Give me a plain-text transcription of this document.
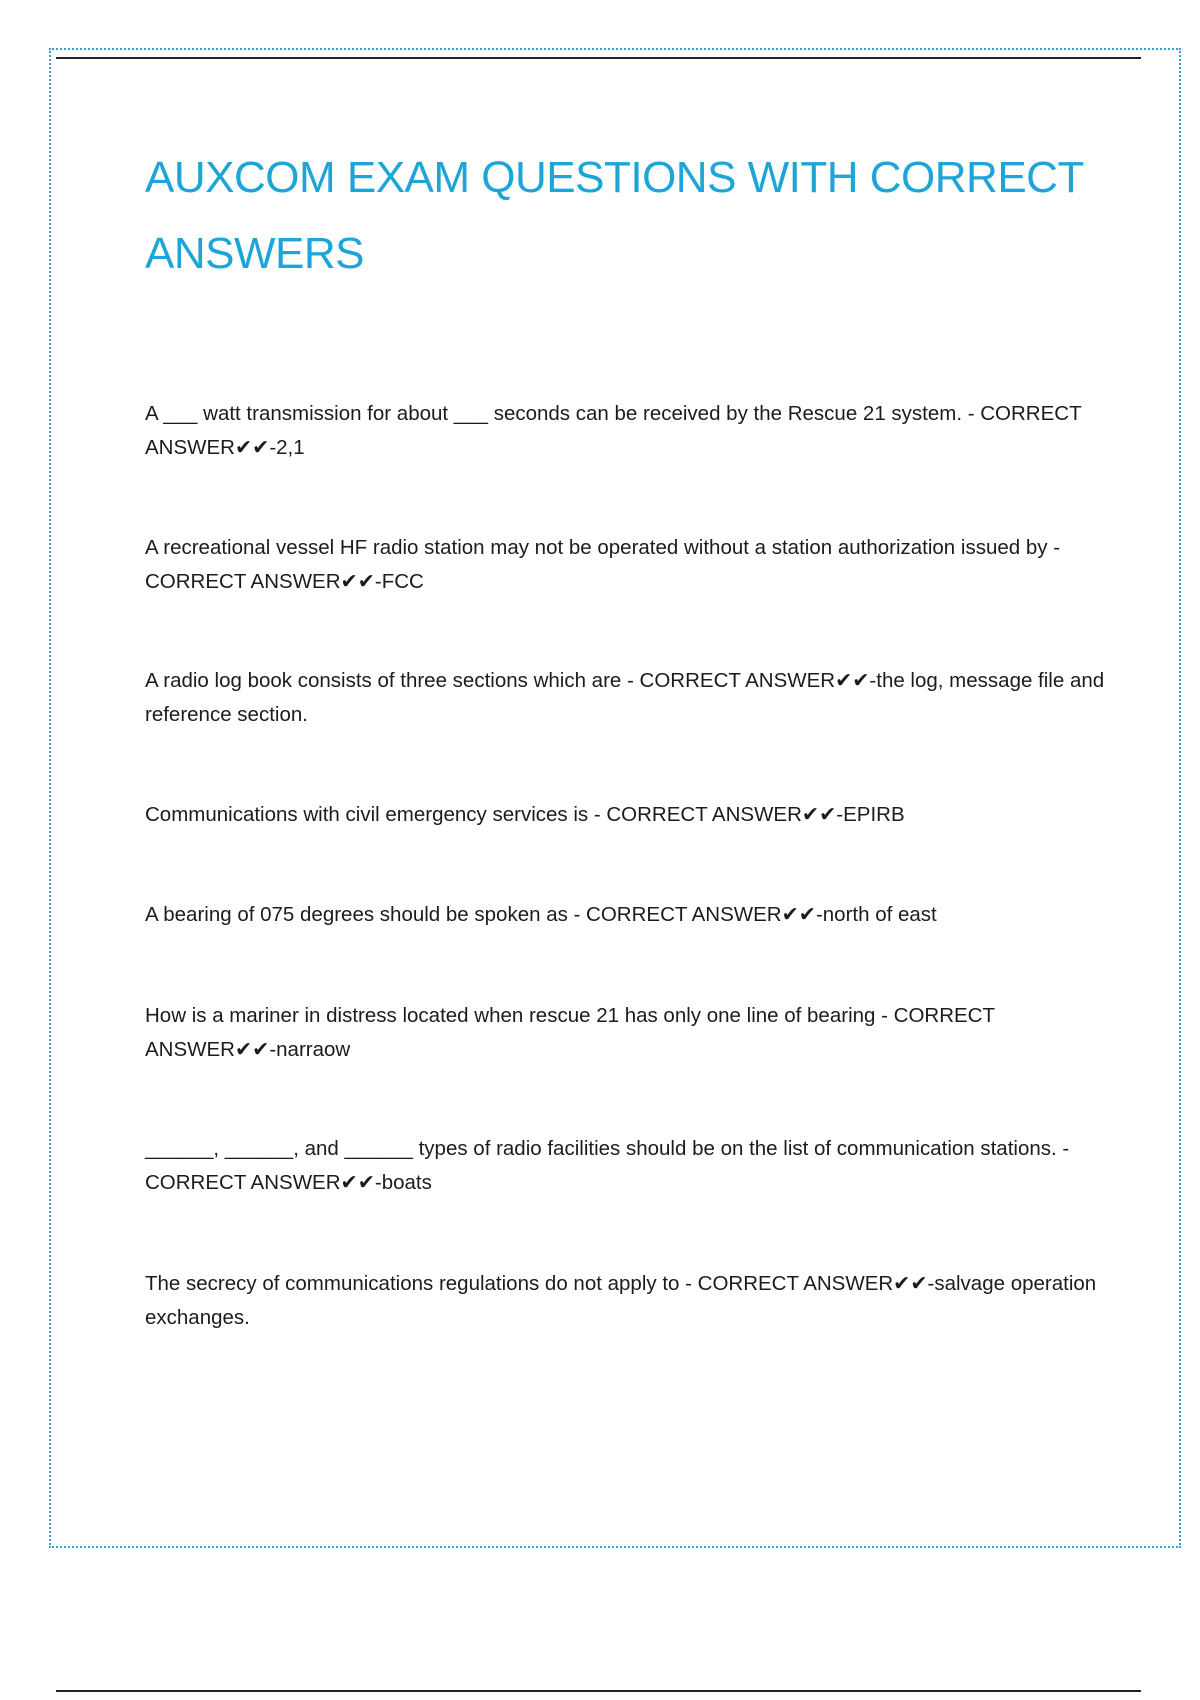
AUXCOM EXAM QUESTIONS WITH CORRECT ANSWERS

A ___ watt transmission for about ___ seconds can be received by the Rescue 21 system. - CORRECT ANSWER✔✔-2,1

A recreational vessel HF radio station may not be operated without a station authorization issued by - CORRECT ANSWER✔✔-FCC

A radio log book consists of three sections which are - CORRECT ANSWER✔✔-the log, message file and reference section.

Communications with civil emergency services is - CORRECT ANSWER✔✔-EPIRB

A bearing of 075 degrees should be spoken as - CORRECT ANSWER✔✔-north of east

How is a mariner in distress located when rescue 21 has only one line of bearing - CORRECT ANSWER✔✔-narraow

______, ______, and ______ types of radio facilities should be on the list of communication stations. - CORRECT ANSWER✔✔-boats

The secrecy of communications regulations do not apply to - CORRECT ANSWER✔✔-salvage operation exchanges.
